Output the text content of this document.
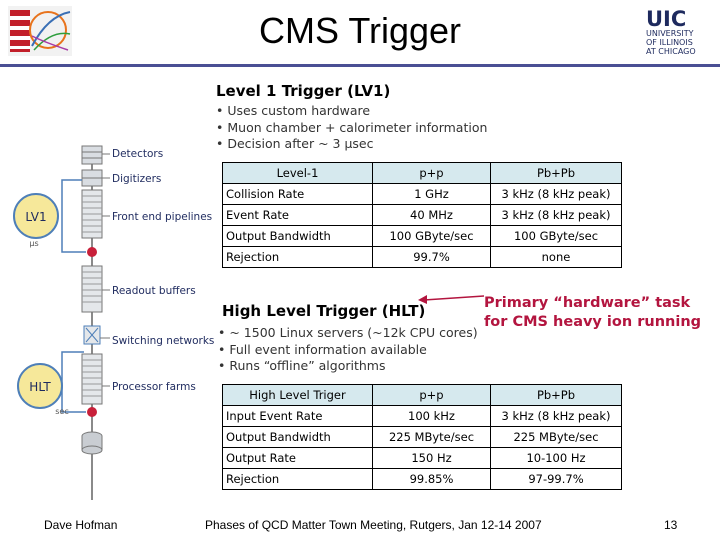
CMS Trigger	UIC
UNIVERSITY
OF ILLINOIS
AT CHICAGO
Level 1 Trigger (LV1)
• Uses custom hardware
• Muon chamber + calorimeter information
• Decision after ~ 3 µsec
Level-1	p+p	Pb+Pb
Collision Rate	1 GHz	3 kHz (8 kHz peak)
Event Rate	40 MHz	3 kHz (8 kHz peak)
Output Bandwidth	100 GByte/sec	100 GByte/sec
Rejection	99.7%	none
High Level Trigger (HLT)
• ~ 1500 Linux servers (~12k CPU cores)
• Full event information available
• Runs “offline” algorithms
Primary “hardware” task
for CMS heavy ion running
High Level Triger	p+p	Pb+Pb
Input Event Rate	100 kHz	3 kHz (8 kHz peak)
Output Bandwidth	225 MByte/sec	225 MByte/sec
Output Rate	150 Hz	10-100 Hz
Rejection	99.85%	97-99.7%
LV1
µs
HLT
sec
Detectors
Digitizers
Front end pipelines
Readout buffers
Switching networks
Processor farms
Dave Hofman	Phases of QCD Matter Town Meeting, Rutgers, Jan 12-14 2007	13
